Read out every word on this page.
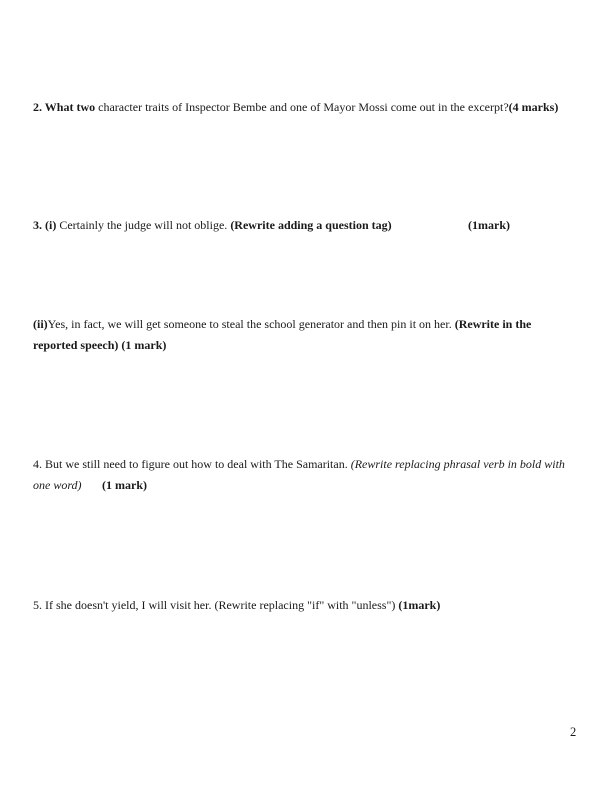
2. What two character traits of Inspector Bembe and one of Mayor Mossi come out in the excerpt?(4 marks)

3. (i) Certainly the judge will not oblige. (Rewrite adding a question tag)	(1mark)

(ii)Yes, in fact, we will get someone to steal the school generator and then pin it on her. (Rewrite in the
reported speech) (1 mark)

4. But we still need to figure out how to deal with The Samaritan. (Rewrite replacing phrasal verb in bold with
one word) (1 mark)

5. If she doesn't yield, I will visit her. (Rewrite replacing "if" with "unless") (1mark)

2
